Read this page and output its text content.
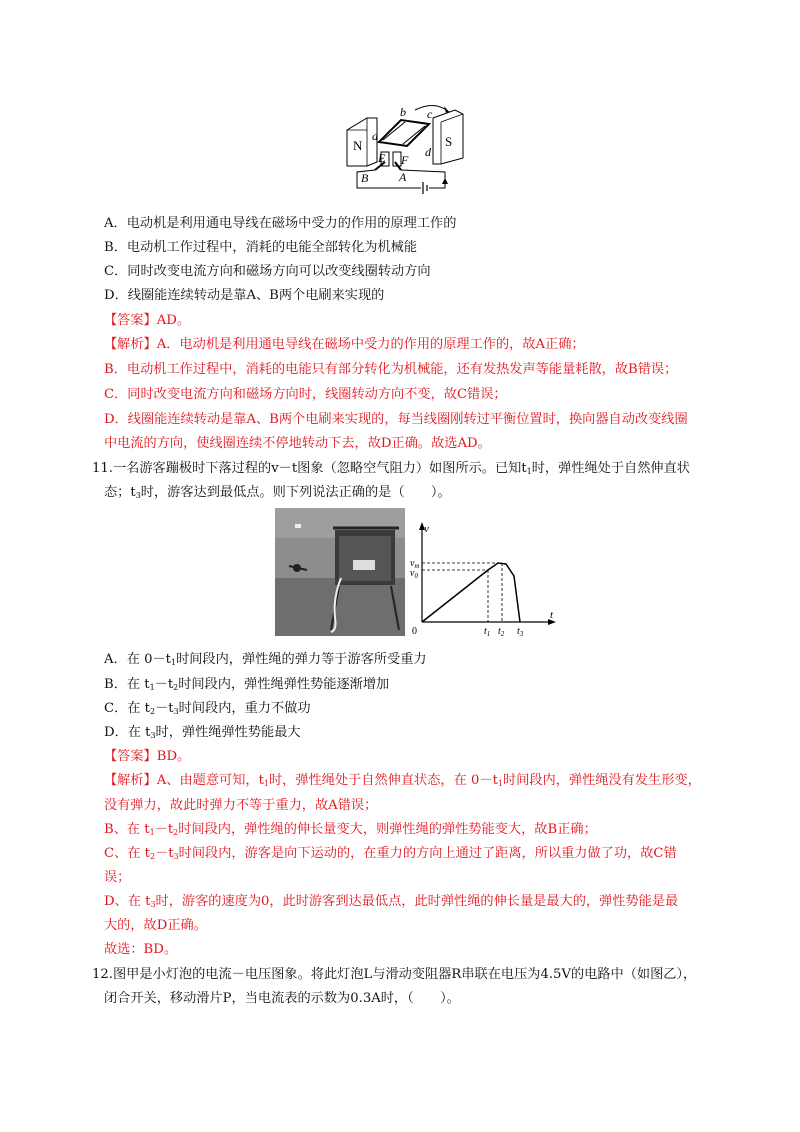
N	S
a
b c
d
E F
B	A
A．电动机是利用通电导线在磁场中受力的作用的原理工作的
B．电动机工作过程中，消耗的电能全部转化为机械能
C．同时改变电流方向和磁场方向可以改变线圈转动方向
D．线圈能连续转动是靠A、B两个电刷来实现的
【答案】AD。
【解析】A．电动机是利用通电导线在磁场中受力的作用的原理工作的，故A正确；
B．电动机工作过程中，消耗的电能只有部分转化为机械能，还有发热发声等能量耗散，故B错误；
C．同时改变电流方向和磁场方向时，线圈转动方向不变，故C错误；
D．线圈能连续转动是靠A、B两个电刷来实现的，每当线圈刚转过平衡位置时，换向器自动改变线圈
中电流的方向，使线圈连续不停地转动下去，故D正确。故选AD。
11.一名游客蹦极时下落过程的v－t图象（忽略空气阻力）如图所示。已知$t_1$时，弹性绳处于自然伸直状
态；$t_3$时，游客达到最低点。则下列说法正确的是（　　）。
v
t
0
$v_m$
$v_0$
$t_1$ $t_2$ $t_3$
A．在 $0-t_1$时间段内，弹性绳的弹力等于游客所受重力
B．在 $t_1-t_2$时间段内，弹性绳弹性势能逐渐增加
C．在 $t_2-t_3$时间段内，重力不做功
D．在 $t_3$时，弹性绳弹性势能最大
【答案】BD。
【解析】A、由题意可知，$t_1$时，弹性绳处于自然伸直状态，在 $0-t_1$时间段内，弹性绳没有发生形变，
没有弹力，故此时弹力不等于重力，故A错误；
B、在 $t_1-t_2$时间段内，弹性绳的伸长量变大，则弹性绳的弹性势能变大，故B正确；
C、在 $t_2-t_3$时间段内，游客是向下运动的，在重力的方向上通过了距离，所以重力做了功，故C错
误；
D、在 $t_3$时，游客的速度为0，此时游客到达最低点，此时弹性绳的伸长量是最大的，弹性势能是最
大的，故D正确。
故选：BD。
12.图甲是小灯泡的电流－电压图象。将此灯泡L与滑动变阻器R串联在电压为4.5V的电路中（如图乙），
闭合开关，移动滑片P，当电流表的示数为0.3A时，（　　）。
